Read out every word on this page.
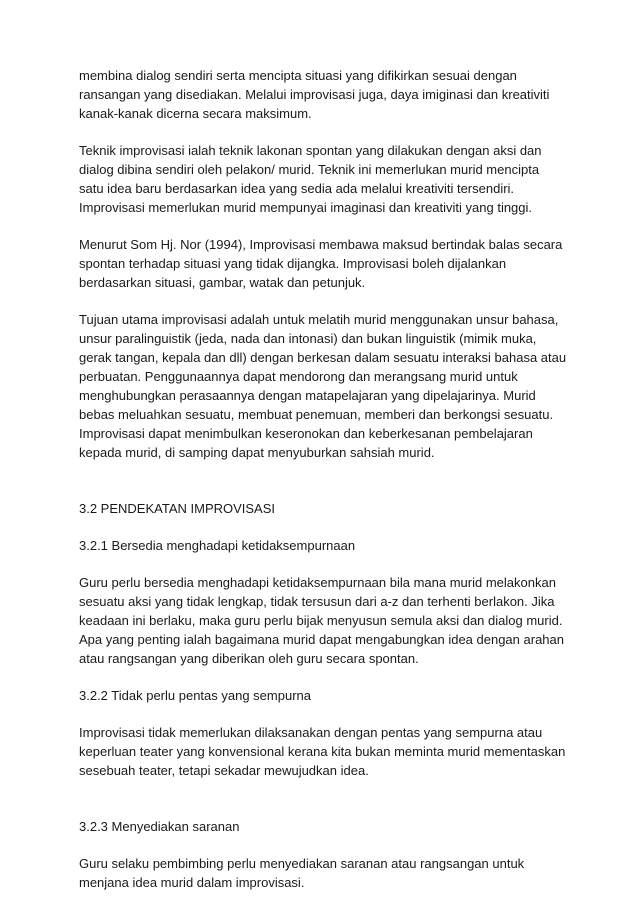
membina dialog sendiri serta mencipta situasi yang difikirkan sesuai dengan
ransangan yang disediakan. Melalui improvisasi juga, daya imiginasi dan kreativiti
kanak-kanak dicerna secara maksimum.

Teknik improvisasi ialah teknik lakonan spontan yang dilakukan dengan aksi dan
dialog dibina sendiri oleh pelakon/ murid. Teknik ini memerlukan murid mencipta
satu idea baru berdasarkan idea yang sedia ada melalui kreativiti tersendiri.
Improvisasi memerlukan murid mempunyai imaginasi dan kreativiti yang tinggi.

Menurut Som Hj. Nor (1994), Improvisasi membawa maksud bertindak balas secara
spontan terhadap situasi yang tidak dijangka. Improvisasi boleh dijalankan
berdasarkan situasi, gambar, watak dan petunjuk.

Tujuan utama improvisasi adalah untuk melatih murid menggunakan unsur bahasa,
unsur paralinguistik (jeda, nada dan intonasi) dan bukan linguistik (mimik muka,
gerak tangan, kepala dan dll) dengan berkesan dalam sesuatu interaksi bahasa atau
perbuatan. Penggunaannya dapat mendorong dan merangsang murid untuk
menghubungkan perasaannya dengan matapelajaran yang dipelajarinya. Murid
bebas meluahkan sesuatu, membuat penemuan, memberi dan berkongsi sesuatu.
Improvisasi dapat menimbulkan keseronokan dan keberkesanan pembelajaran
kepada murid, di samping dapat menyuburkan sahsiah murid.

3.2 PENDEKATAN IMPROVISASI

3.2.1 Bersedia menghadapi ketidaksempurnaan

Guru perlu bersedia menghadapi ketidaksempurnaan bila mana murid melakonkan
sesuatu aksi yang tidak lengkap, tidak tersusun dari a-z dan terhenti berlakon. Jika
keadaan ini berlaku, maka guru perlu bijak menyusun semula aksi dan dialog murid.
Apa yang penting ialah bagaimana murid dapat mengabungkan idea dengan arahan
atau rangsangan yang diberikan oleh guru secara spontan.

3.2.2 Tidak perlu pentas yang sempurna

Improvisasi tidak memerlukan dilaksanakan dengan pentas yang sempurna atau
keperluan teater yang konvensional kerana kita bukan meminta murid mementaskan
sesebuah teater, tetapi sekadar mewujudkan idea.

3.2.3 Menyediakan saranan

Guru selaku pembimbing perlu menyediakan saranan atau rangsangan untuk
menjana idea murid dalam improvisasi.
